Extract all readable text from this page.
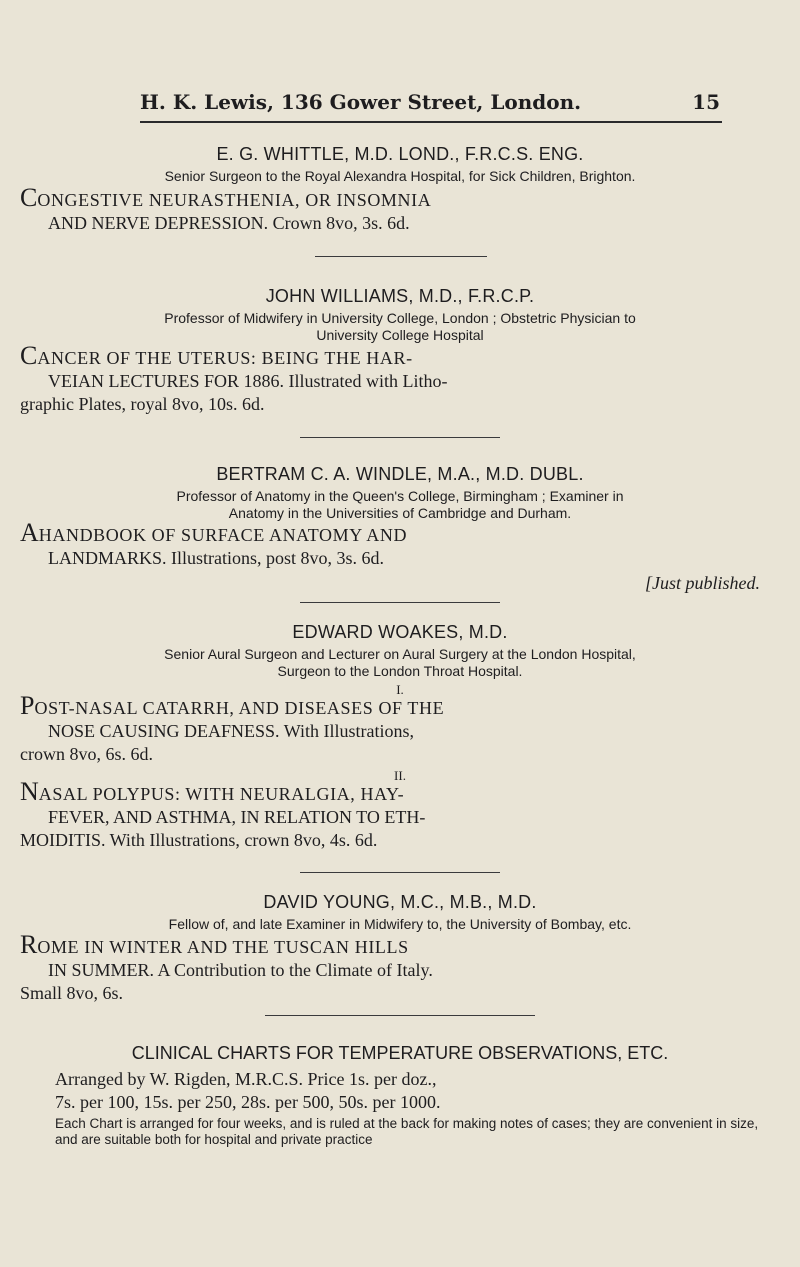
H. K. Lewis, 136 Gower Street, London.	15
E. G. WHITTLE, M.D. LOND., F.R.C.S. ENG.
Senior Surgeon to the Royal Alexandra Hospital, for Sick Children, Brighton.
CONGESTIVE NEURASTHENIA, OR INSOMNIA
AND NERVE DEPRESSION. Crown 8vo, 3s. 6d.
JOHN WILLIAMS, M.D., F.R.C.P.
Professor of Midwifery in University College, London ; Obstetric Physician to
University College Hospital
CANCER OF THE UTERUS: BEING THE HAR-
VEIAN LECTURES FOR 1886. Illustrated with Litho-
graphic Plates, royal 8vo, 10s. 6d.
BERTRAM C. A. WINDLE, M.A., M.D. DUBL.
Professor of Anatomy in the Queen's College, Birmingham ; Examiner in
Anatomy in the Universities of Cambridge and Durham.
AHANDBOOK OF SURFACE ANATOMY AND
LANDMARKS. Illustrations, post 8vo, 3s. 6d.
[Just published.
EDWARD WOAKES, M.D.
Senior Aural Surgeon and Lecturer on Aural Surgery at the London Hospital,
Surgeon to the London Throat Hospital.
I.
POST-NASAL CATARRH, AND DISEASES OF THE
NOSE CAUSING DEAFNESS. With Illustrations,
crown 8vo, 6s. 6d.
II.
NASAL POLYPUS: WITH NEURALGIA, HAY-
FEVER, AND ASTHMA, IN RELATION TO ETH-
MOIDITIS. With Illustrations, crown 8vo, 4s. 6d.
DAVID YOUNG, M.C., M.B., M.D.
Fellow of, and late Examiner in Midwifery to, the University of Bombay, etc.
ROME IN WINTER AND THE TUSCAN HILLS
IN SUMMER. A Contribution to the Climate of Italy.
Small 8vo, 6s.
CLINICAL CHARTS FOR TEMPERATURE OBSERVATIONS, ETC.
Arranged by W. Rigden, M.R.C.S. Price 1s. per doz.,
7s. per 100, 15s. per 250, 28s. per 500, 50s. per 1000.
Each Chart is arranged for four weeks, and is ruled at the back for making notes of cases; they are convenient in size, and are suitable both for hospital and private practice
